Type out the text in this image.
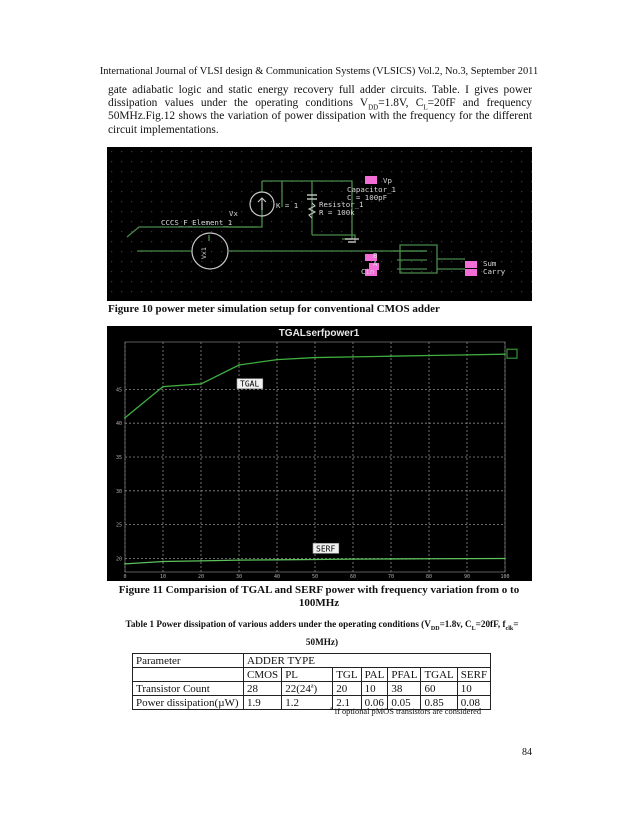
International Journal of VLSI design & Communication Systems (VLSICS) Vol.2, No.3, September 2011
gate adiabatic logic and static energy recovery full adder circuits. Table. I gives power
dissipation values under the operating conditions $V_{DD}=1.8V$, $C_L=20fF$ and frequency
50MHz.Fig.12 shows the variation of power dissipation with the frequency for the different
circuit implementations.
Vp
Capacitor_1
C = 100pF
Resistor_1
R = 100k
K = 1
Vx
CCCS_F_Element_1
Vx1	B
A
Cin
Sum
Carry
Figure 10 power meter simulation setup for conventional CMOS adder
TGALserfpower1
20
25
30
35
40
45
0	10	20	30	40	50	60	70	80	90	100
TGAL
SERF
Figure 11 Comparision of TGAL and SERF power with frequency variation from o to
100MHz
Table 1 Power dissipation of various adders under the operating conditions ($V_{DD}=1.8v$, $C_L=20fF$, $f_{clk}=$
50MHz)
Parameter	ADDER TYPE						
	CMOS	PL	TGL	PAL	PFAL	TGAL	SERF
Transistor Count	28	22(24$^a$)	20	10	38	60	10
Power dissipation(µW)	1.9	1.2	2.1	0.06	0.05	0.85	0.08
$^a$ if optional pMOS transistors are considered
84
